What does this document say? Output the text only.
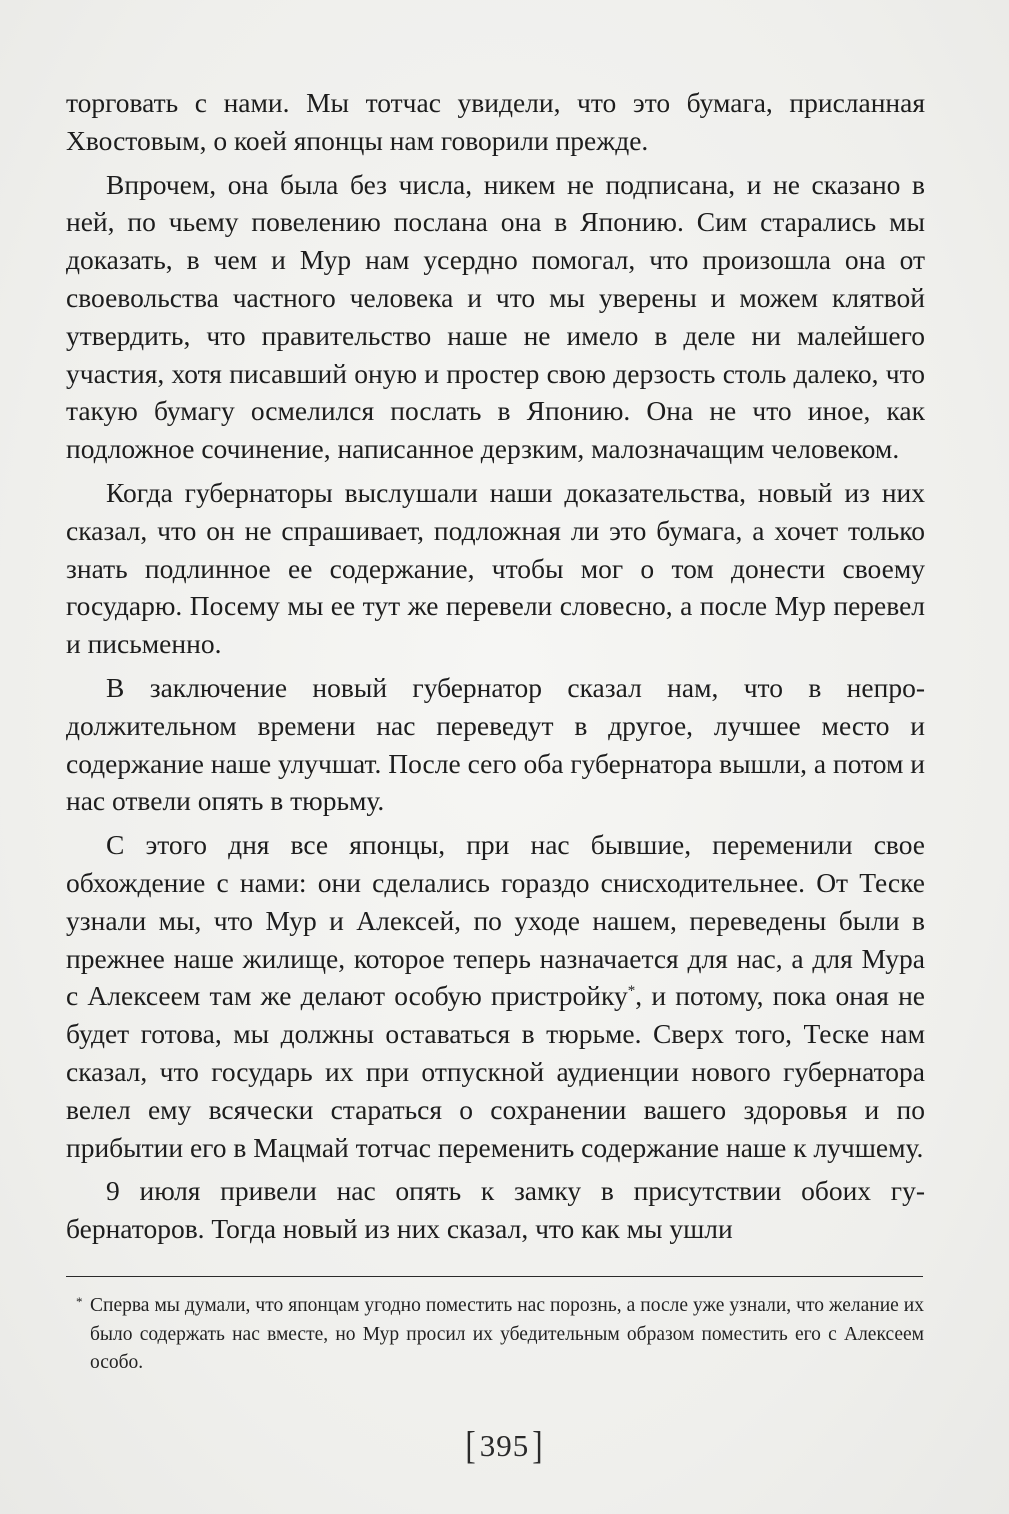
торговать с нами. Мы тотчас увидели, что это бумага, присланная Хвостовым, о коей японцы нам говорили прежде.

Впрочем, она была без числа, никем не подписана, и не сказано в ней, по чьему повелению послана она в Японию. Сим старались мы доказать, в чем и Мур нам усердно помогал, что произошла она от своевольства частного человека и что мы уверены и можем клятвой утвердить, что правительство наше не имело в деле ни малейшего участия, хотя писавший оную и простер свою дерзость столь далеко, что такую бумагу осмелился послать в Японию. Она не что иное, как подложное сочинение, написанное дерзким, малозначащим человеком.

Когда губернаторы выслушали наши доказательства, новый из них сказал, что он не спрашивает, подложная ли это бумага, а хочет только знать подлинное ее содержание, чтобы мог о том донести своему государю. Посему мы ее тут же перевели словесно, а после Мур перевел и письменно.

В заключение новый губернатор сказал нам, что в непродолжительном времени нас переведут в другое, лучшее место и содержание наше улучшат. После сего оба губернатора вышли, а потом и нас отвели опять в тюрьму.

С этого дня все японцы, при нас бывшие, переменили свое обхождение с нами: они сделались гораздо снисходительнее. От Теске узнали мы, что Мур и Алексей, по уходе нашем, переведены были в прежнее наше жилище, которое теперь назначается для нас, а для Мура с Алексеем там же делают особую пристройку*, и потому, пока оная не будет готова, мы должны оставаться в тюрьме. Сверх того, Теске нам сказал, что государь их при отпускной аудиенции нового губернатора велел ему всячески стараться о сохранении вашего здоровья и по прибытии его в Мацмай тотчас переменить содержание наше к лучшему.

9 июля привели нас опять к замку в присутствии обоих губернаторов. Тогда новый из них сказал, что как мы ушли

* Сперва мы думали, что японцам угодно поместить нас порознь, а после уже узнали, что желание их было содержать нас вместе, но Мур просил их убедительным образом поместить его с Алексеем особо.
[395]
